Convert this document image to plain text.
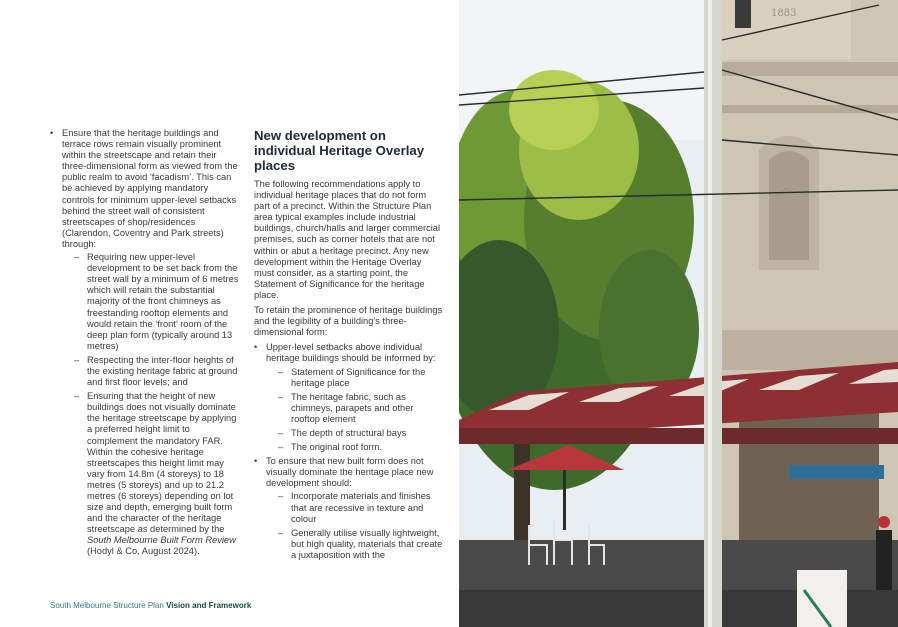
• Ensure that the heritage buildings and terrace rows remain visually prominent within the streetscape and retain their three-dimensional form as viewed from the public realm to avoid ‘facadism’. This can be achieved by applying mandatory controls for minimum upper-level setbacks behind the street wall of consistent streetscapes of shop/residences (Clarendon, Coventry and Park streets) through:
– Requiring new upper-level development to be set back from the street wall by a minimum of 6 metres which will retain the substantial majority of the front chimneys as freestanding rooftop elements and would retain the ‘front’ room of the deep plan form (typically around 13 metres)
– Respecting the inter-floor heights of the existing heritage fabric at ground and first floor levels; and
– Ensuring that the height of new buildings does not visually dominate the heritage streetscape by applying a preferred height limit to complement the mandatory FAR. Within the cohesive heritage streetscapes this height limit may vary from 14.8m (4 storeys) to 18 metres (5 storeys) and up to 21.2 metres (6 storeys) depending on lot size and depth, emerging built form and the character of the heritage streetscape as determined by the South Melbourne Built Form Review (Hodyl & Co, August 2024).
New development on individual Heritage Overlay places

The following recommendations apply to individual heritage places that do not form part of a precinct. Within the Structure Plan area typical examples include industrial buildings, church/halls and larger commercial premises, such as corner hotels that are not within or abut a heritage precinct. Any new development within the Heritage Overlay must consider, as a starting point, the Statement of Significance for the heritage place.

To retain the prominence of heritage buildings and the legibility of a building’s three-dimensional form:

• Upper-level setbacks above individual heritage buildings should be informed by:
– Statement of Significance for the heritage place
– The heritage fabric, such as chimneys, parapets and other rooftop element
– The depth of structural bays
– The original roof form.
• To ensure that new built form does not visually dominate the heritage place new development should:
– Incorporate materials and finishes that are recessive in texture and colour
– Generally utilise visually lightweight, but high quality, materials that create a juxtaposition with the
South Melbourne Structure Plan Vision and Framework
1883
